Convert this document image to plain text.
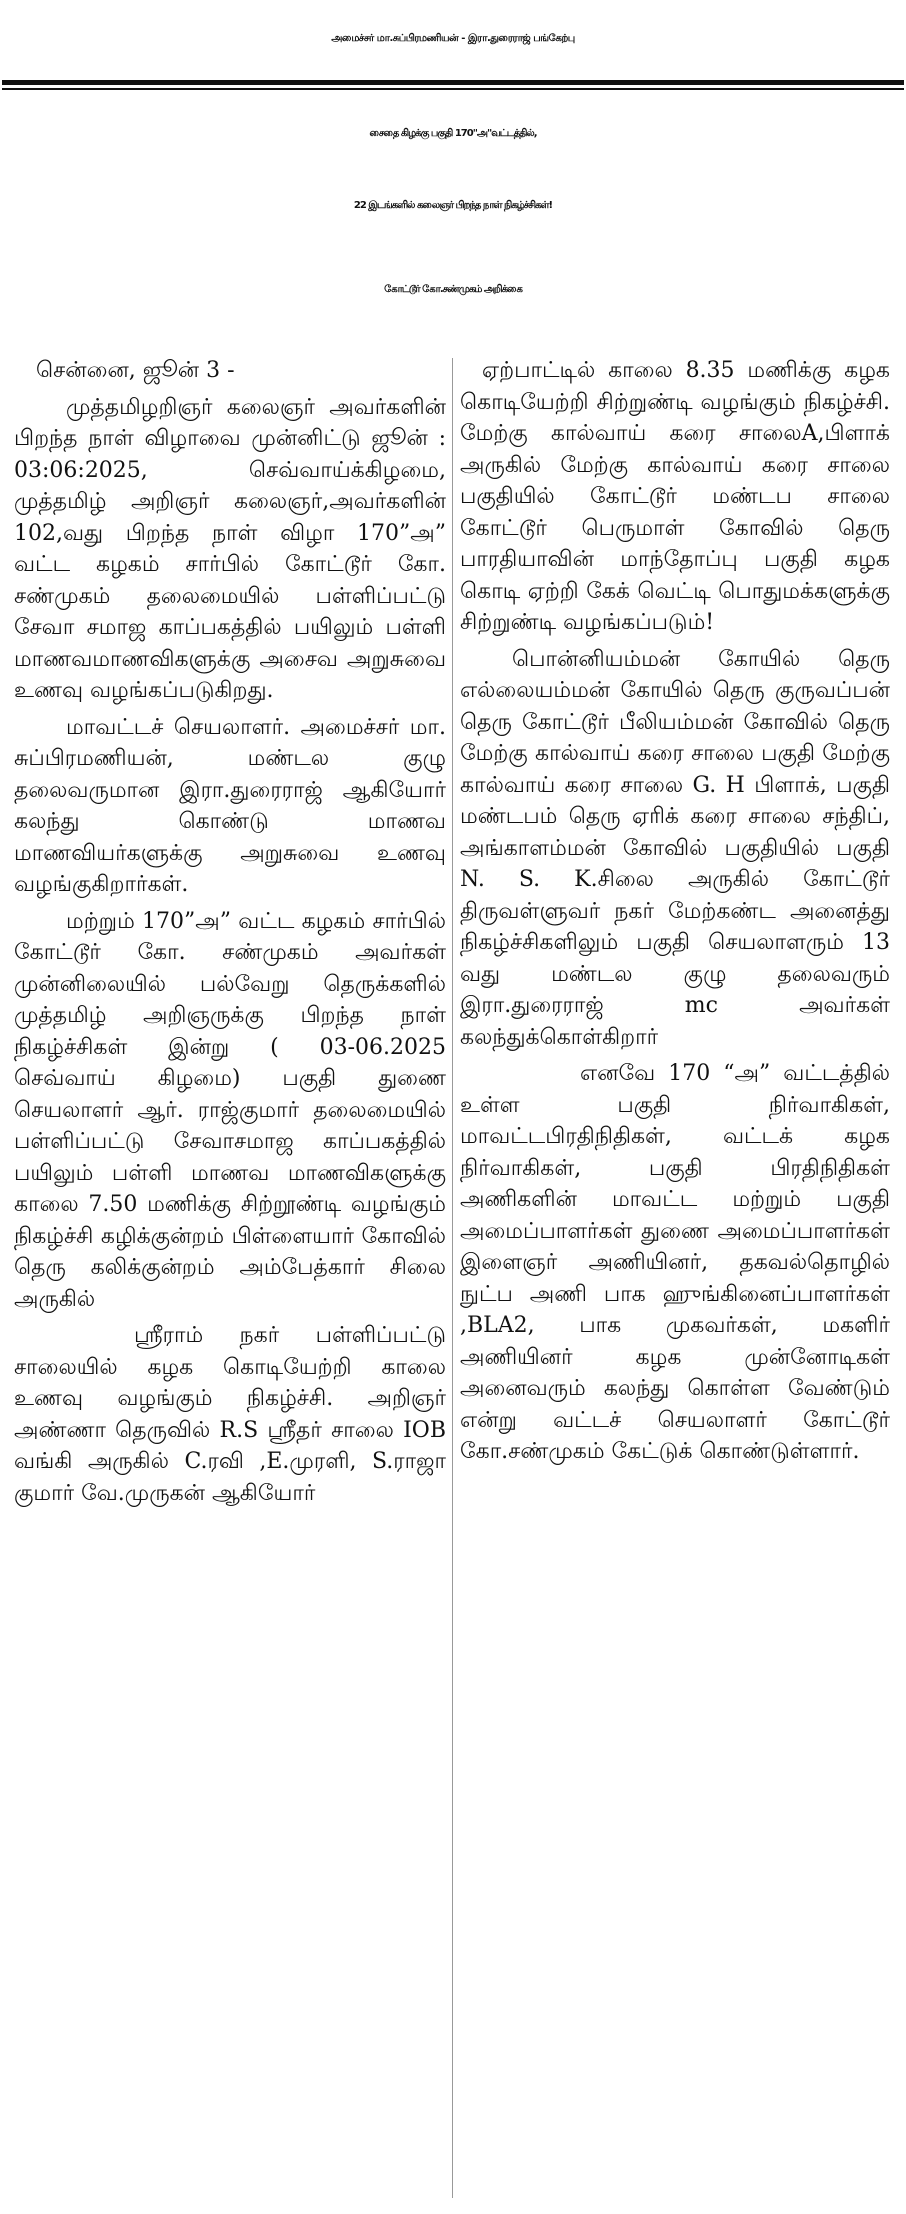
அமைச்சர் மா.சுப்பிரமணியன் - இரா.துரைராஜ் பங்கேற்பு
சைதை கிழக்கு பகுதி 170"அ"வட்டத்தில்,
22 இடங்களில் கலைஞர் பிறந்த நாள் நிகழ்ச்சிகள்!
கோட்டூர் கோ.சண்முகம் அறிக்கை

சென்னை, ஜூன் 3 -

முத்தமிழறிஞர் கலைஞர் அவர்களின் பிறந்த நாள் விழாவை முன்னிட்டு ஜூன் : 03:06:2025, செவ்வாய்க்கிழமை, முத்தமிழ் அறிஞர் கலைஞர்,அவர்களின் 102,வது பிறந்த நாள் விழா 170”அ” வட்ட கழகம் சார்பில் கோட்டூர் கோ. சண்முகம் தலைமையில் பள்ளிப்பட்டு சேவா சமாஜ காப்பகத்தில் பயிலும் பள்ளி மாணவமாணவிகளுக்கு அசைவ அறுசுவை உணவு வழங்கப்படுகிறது.

மாவட்டச் செயலாளர். அமைச்சர் மா. சுப்பிரமணியன், மண்டல குழு தலைவருமான இரா.துரைராஜ் ஆகியோர் கலந்து கொண்டு மாணவ மாணவியர்களுக்கு அறுசுவை உணவு வழங்குகிறார்கள்.

மற்றும் 170”அ” வட்ட கழகம் சார்பில் கோட்டூர் கோ. சண்முகம் அவர்கள் முன்னிலையில் பல்வேறு தெருக்களில் முத்தமிழ் அறிஞருக்கு பிறந்த நாள் நிகழ்ச்சிகள் இன்று ( 03-06.2025 செவ்வாய் கிழமை) பகுதி துணை செயலாளர் ஆர். ராஜ்குமார் தலைமையில் பள்ளிப்பட்டு சேவாசமாஜ காப்பகத்தில் பயிலும் பள்ளி மாணவ மாணவிகளுக்கு காலை 7.50 மணிக்கு சிற்றூண்டி வழங்கும் நிகழ்ச்சி கழிக்குன்றம் பிள்ளையார் கோவில் தெரு கலிக்குன்றம் அம்பேத்கார் சிலை அருகில்

ஸ்ரீராம் நகர் பள்ளிப்பட்டு சாலையில் கழக கொடியேற்றி காலை உணவு வழங்கும் நிகழ்ச்சி. அறிஞர் அண்ணா தெருவில் R.S ஸ்ரீதர் சாலை IOB வங்கி அருகில் C.ரவி ,E.முரளி, S.ராஜா குமார் வே.முருகன் ஆகியோர்

ஏற்பாட்டில் காலை 8.35 மணிக்கு கழக கொடியேற்றி சிற்றுண்டி வழங்கும் நிகழ்ச்சி. மேற்கு கால்வாய் கரை சாலைA,பிளாக் அருகில் மேற்கு கால்வாய் கரை சாலை பகுதியில் கோட்டூர் மண்டப சாலை கோட்டூர் பெருமாள் கோவில் தெரு பாரதியாவின் மாந்தோப்பு பகுதி கழக கொடி ஏற்றி கேக் வெட்டி பொதுமக்களுக்கு சிற்றுண்டி வழங்கப்படும்!

பொன்னியம்மன் கோயில் தெரு எல்லையம்மன் கோயில் தெரு குருவப்பன் தெரு கோட்டூர் பீலியம்மன் கோவில் தெரு மேற்கு கால்வாய் கரை சாலை பகுதி மேற்கு கால்வாய் கரை சாலை G. H பிளாக், பகுதி மண்டபம் தெரு ஏரிக் கரை சாலை சந்திப், அங்காளம்மன் கோவில் பகுதியில் பகுதி N. S. K.சிலை அருகில் கோட்டூர் திருவள்ளுவர் நகர் மேற்கண்ட அனைத்து நிகழ்ச்சிகளிலும் பகுதி செயலாளரும் 13 வது மண்டல குழு தலைவரும் இரா.துரைராஜ் mc அவர்கள் கலந்துக்கொள்கிறார்

எனவே 170 “அ” வட்டத்தில் உள்ள பகுதி நிர்வாகிகள், மாவட்டபிரதிநிதிகள், வட்டக் கழக நிர்வாகிகள், பகுதி பிரதிநிதிகள் அணிகளின் மாவட்ட மற்றும் பகுதி அமைப்பாளர்கள் துணை அமைப்பாளர்கள் இளைஞர் அணியினர், தகவல்தொழில் நுட்ப அணி பாக ஹுங்கினைப்பாளர்கள் ,BLA2, பாக முகவர்கள், மகளிர் அணியினர் கழக முன்னோடிகள் அனைவரும் கலந்து கொள்ள வேண்டும் என்று வட்டச் செயலாளர் கோட்டூர் கோ.சண்முகம் கேட்டுக் கொண்டுள்ளார்.
